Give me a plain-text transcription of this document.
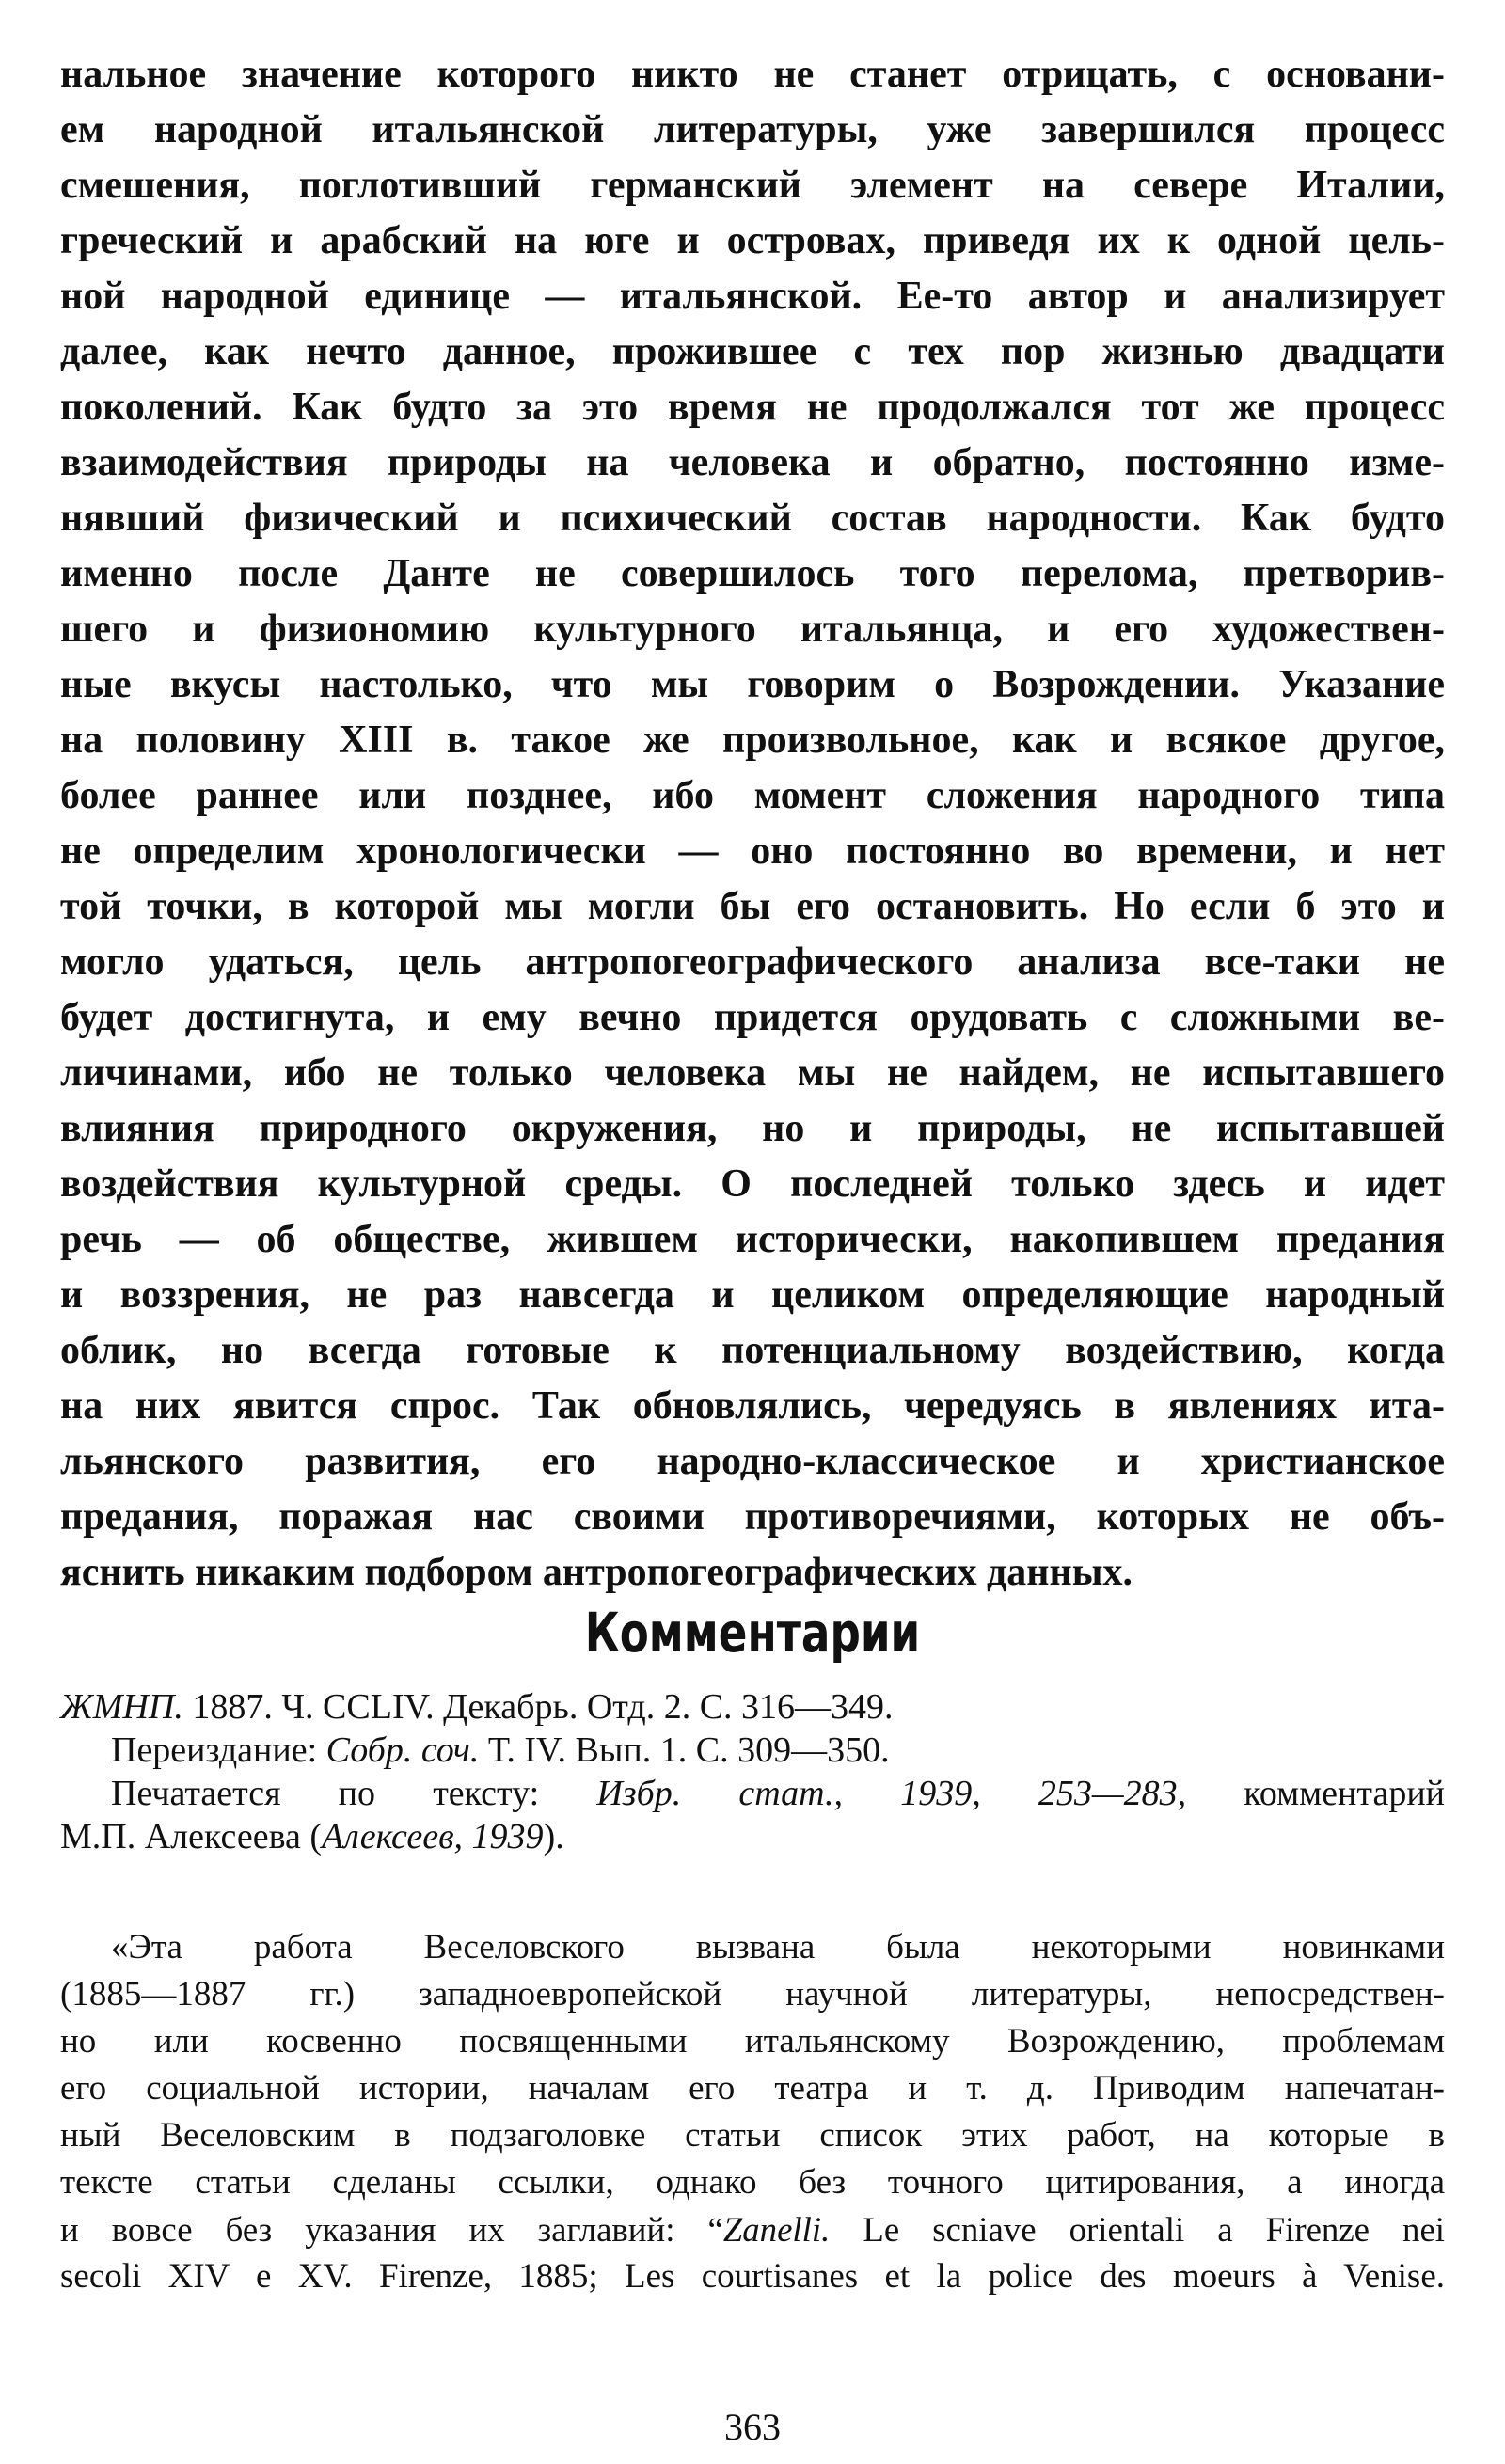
нальное значение которого никто не станет отрицать, с основани-
ем народной итальянской литературы, уже завершился процесс
смешения, поглотивший германский элемент на севере Италии,
греческий и арабский на юге и островах, приведя их к одной цель-
ной народной единице — итальянской. Ее-то автор и анализирует
далее, как нечто данное, прожившее с тех пор жизнью двадцати
поколений. Как будто за это время не продолжался тот же процесс
взаимодействия природы на человека и обратно, постоянно изме-
нявший физический и психический состав народности. Как будто
именно после Данте не совершилось того перелома, претворив-
шего и физиономию культурного итальянца, и его художествен-
ные вкусы настолько, что мы говорим о Возрождении. Указание
на половину XIII в. такое же произвольное, как и всякое другое,
более раннее или позднее, ибо момент сложения народного типа
не определим хронологически — оно постоянно во времени, и нет
той точки, в которой мы могли бы его остановить. Но если б это и
могло удаться, цель антропогеографического анализа все-таки не
будет достигнута, и ему вечно придется орудовать с сложными ве-
личинами, ибо не только человека мы не найдем, не испытавшего
влияния природного окружения, но и природы, не испытавшей
воздействия культурной среды. О последней только здесь и идет
речь — об обществе, жившем исторически, накопившем предания
и воззрения, не раз навсегда и целиком определяющие народный
облик, но всегда готовые к потенциальному воздействию, когда
на них явится спрос. Так обновлялись, чередуясь в явлениях ита-
льянского развития, его народно-классическое и христианское
предания, поражая нас своими противоречиями, которых не объ-
яснить никаким подбором антропогеографических данных.
Комментарии
ЖМНП. 1887. Ч. CCLIV. Декабрь. Отд. 2. С. 316—349.
Переиздание: Собр. соч. Т. IV. Вып. 1. С. 309—350.
Печатается по тексту: Избр. стат., 1939, 253—283, комментарий
М.П. Алексеева (Алексеев, 1939).
«Эта работа Веселовского вызвана была некоторыми новинками
(1885—1887 гг.) западноевропейской научной литературы, непосредствен-
но или косвенно посвященными итальянскому Возрождению, проблемам
его социальной истории, началам его театра и т. д. Приводим напечатан-
ный Веселовским в подзаголовке статьи список этих работ, на которые в
тексте статьи сделаны ссылки, однако без точного цитирования, а иногда
и вовсе без указания их заглавий: “Zanelli. Le scniave orientali a Firenze nei
secoli XIV e XV. Firenze, 1885; Les courtisanes et la police des moeurs à Venise.
363
